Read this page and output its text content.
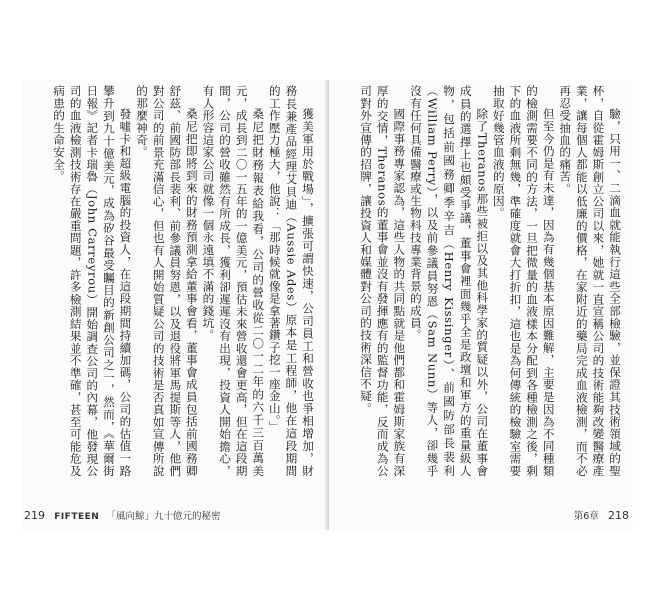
獲美軍用於戰場」，擴張可謂快速，公司員工和營收也爭相增加，財務長兼產品經理艾貝迪（Aussie Ades）原本是工程師，他在這段期間的工作壓力極大，他說：「那時候就像是拿著鑽子挖一座金山。」

桑尼把財務報表給我看，公司的營收從二〇一二年的六千三百萬美元，成長到二〇一五年的一億美元，預估未來營收還會更高，但在這段期間，公司的營收雖然有所成長，獲利卻遲遲沒有出現，投資人開始擔心，有人形容這家公司就像一個永遠填不滿的錢坑。

桑尼把即將到來的財務預測拿給董事會看，董事會成員包括前國務卿舒茲、前國防部長裴利、前參議員努恩，以及退役將軍馬提斯等人，他們對公司的前景充滿信心，但也有人開始質疑公司的技術是否真如宣傳所說的那麼神奇。

發噓卡和超級電腦的投資人，在這段期間持續加碼，公司的估值一路攀升到九十億美元，成為矽谷最受矚目的新創公司之一，然而，《華爾街日報》記者卡瑞魯（John Carreyrou）開始調查公司的內幕，他發現公司的血液檢測技術存在嚴重問題，許多檢測結果並不準確，甚至可能危及病患的生命安全。

219 FIFTEEN 「風向鯨」九十億元的秘密

驗，只用一、二滴血就能執行這些全部檢驗，並保證其技術領域的聖杯，自從霍姆斯創立公司以來，她就一直宣稱公司的技術能夠改變醫療產業，讓每個人都能以低廉的價格，在家附近的藥局完成血液檢測，而不必再忍受抽血的痛苦。

但至今仍是有未達，因為有幾個基本原因難解，主要是因為不同種類的檢測需要不同的方法，一旦把微量的血液樣本分配到各種檢測之後，剩下的血液所剩無幾，準確度就會大打折扣，這也是為何傳統的檢驗室需要抽取好幾管血液的原因。

除了Theranos那些被拒以及其他科學家的質疑以外，公司在董事會成員的選擇上也頗受爭議，董事會裡面幾乎全是政壇和軍方的重量級人物，包括前國務卿季辛吉（Henry Kissinger）、前國防部長裴利（William Perry），以及前參議員努恩（Sam Nunn）等人，卻幾乎沒有任何具備醫療或生物科技專業背景的成員。

國際事務專家認為，這些人物的共同點就是他們都和霍姆斯家族有深厚的交情，Theranos的董事會並沒有發揮應有的監督功能，反而成為公司對外宣傳的招牌，讓投資人和媒體對公司的技術深信不疑。

第6章 218
